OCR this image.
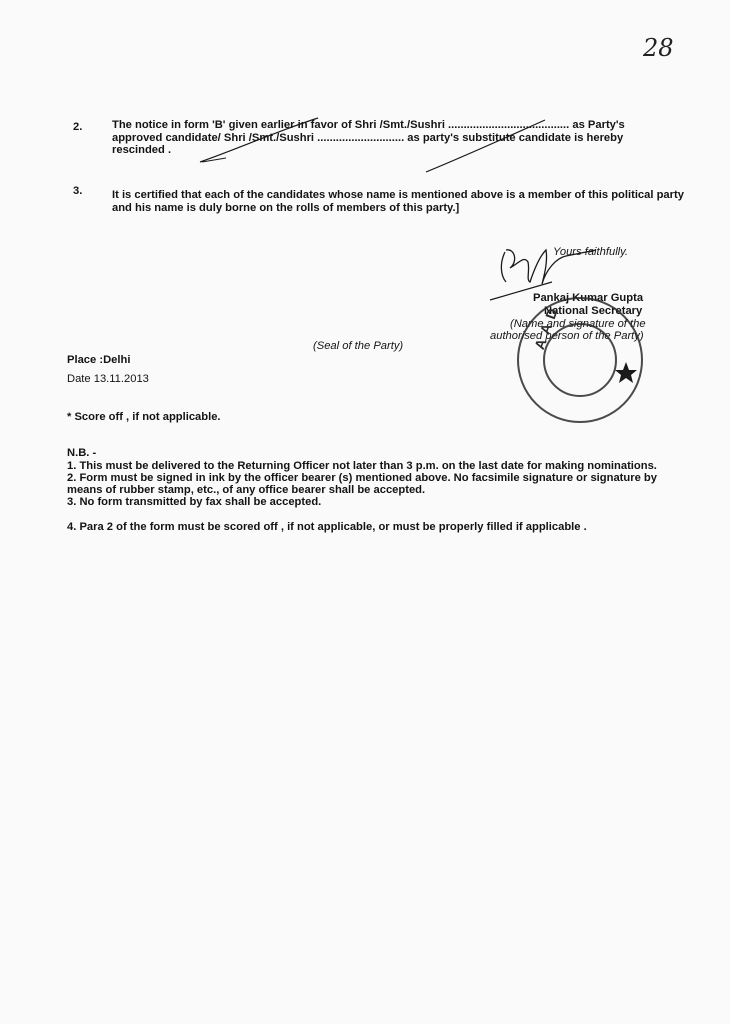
28
2.	The notice in form 'B' given earlier in favor of Shri /Smt./Sushri ....................................... as Party's
approved candidate/ Shri /Smt./Sushri ............................ as party's substitute candidate is hereby
rescinded .
3.	It is certified that each of the candidates whose name is mentioned above is a member of this political party
and his name is duly borne on the rolls of members of this party.]
Yours faithfully.
Pankaj Kumar Gupta
National Secretary
(Name and signature of the
authorised person of the Party)
AAD
(Seal of the Party)
Place :Delhi
Date 13.11.2013
* Score off , if not applicable.
N.B. -
1. This must be delivered to the Returning Officer not later than 3 p.m. on the last date for making nominations.
2. Form must be signed in ink by the officer bearer (s) mentioned above. No facsimile signature or signature by
means of rubber stamp, etc., of any office bearer shall be accepted.
3. No form transmitted by fax shall be accepted.
4. Para 2 of the form must be scored off , if not applicable, or must be properly filled if applicable .
